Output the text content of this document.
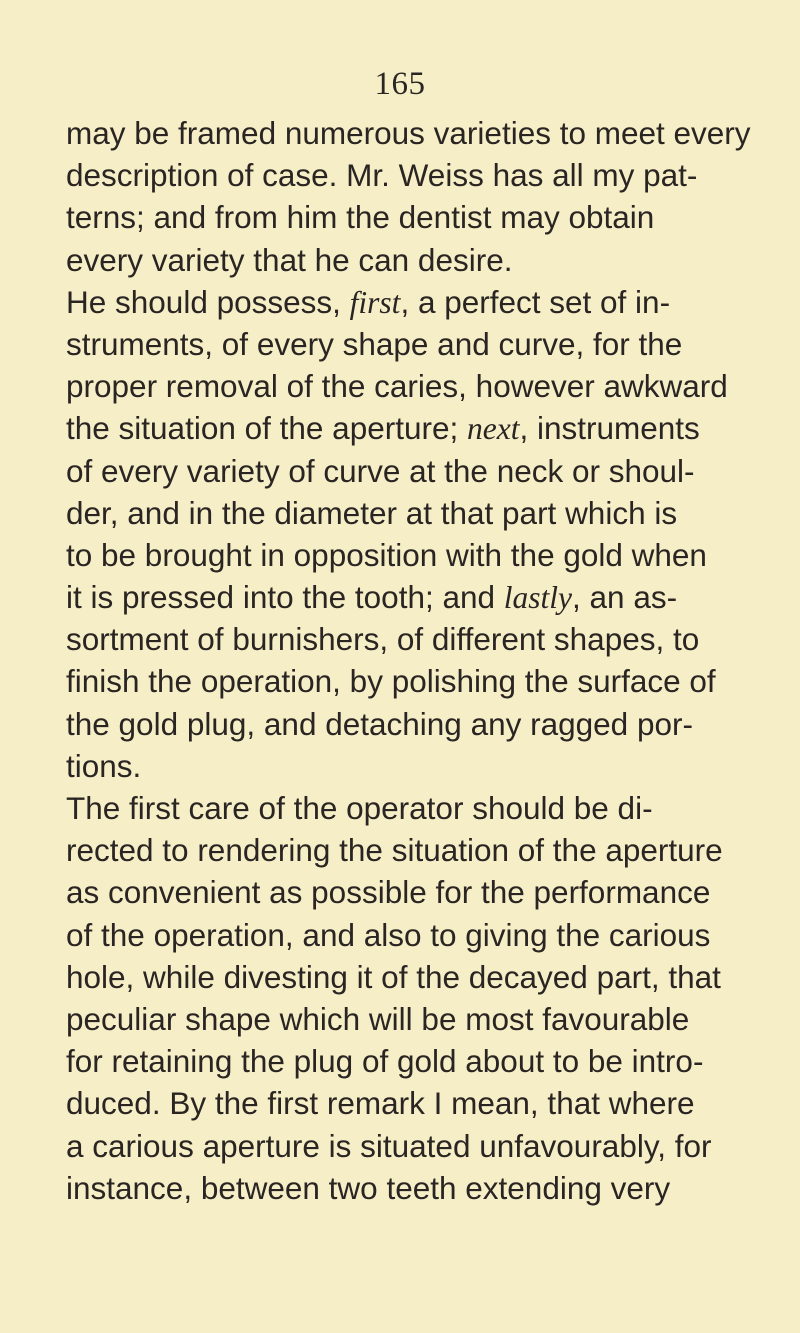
165
may be framed numerous varieties to meet every
description of case. Mr. Weiss has all my pat-
terns; and from him the dentist may obtain
every variety that he can desire.
He should possess, first, a perfect set of in-
struments, of every shape and curve, for the
proper removal of the caries, however awkward
the situation of the aperture; next, instruments
of every variety of curve at the neck or shoul-
der, and in the diameter at that part which is
to be brought in opposition with the gold when
it is pressed into the tooth; and lastly, an as-
sortment of burnishers, of different shapes, to
finish the operation, by polishing the surface of
the gold plug, and detaching any ragged por-
tions.
The first care of the operator should be di-
rected to rendering the situation of the aperture
as convenient as possible for the performance
of the operation, and also to giving the carious
hole, while divesting it of the decayed part, that
peculiar shape which will be most favourable
for retaining the plug of gold about to be intro-
duced. By the first remark I mean, that where
a carious aperture is situated unfavourably, for
instance, between two teeth extending very
